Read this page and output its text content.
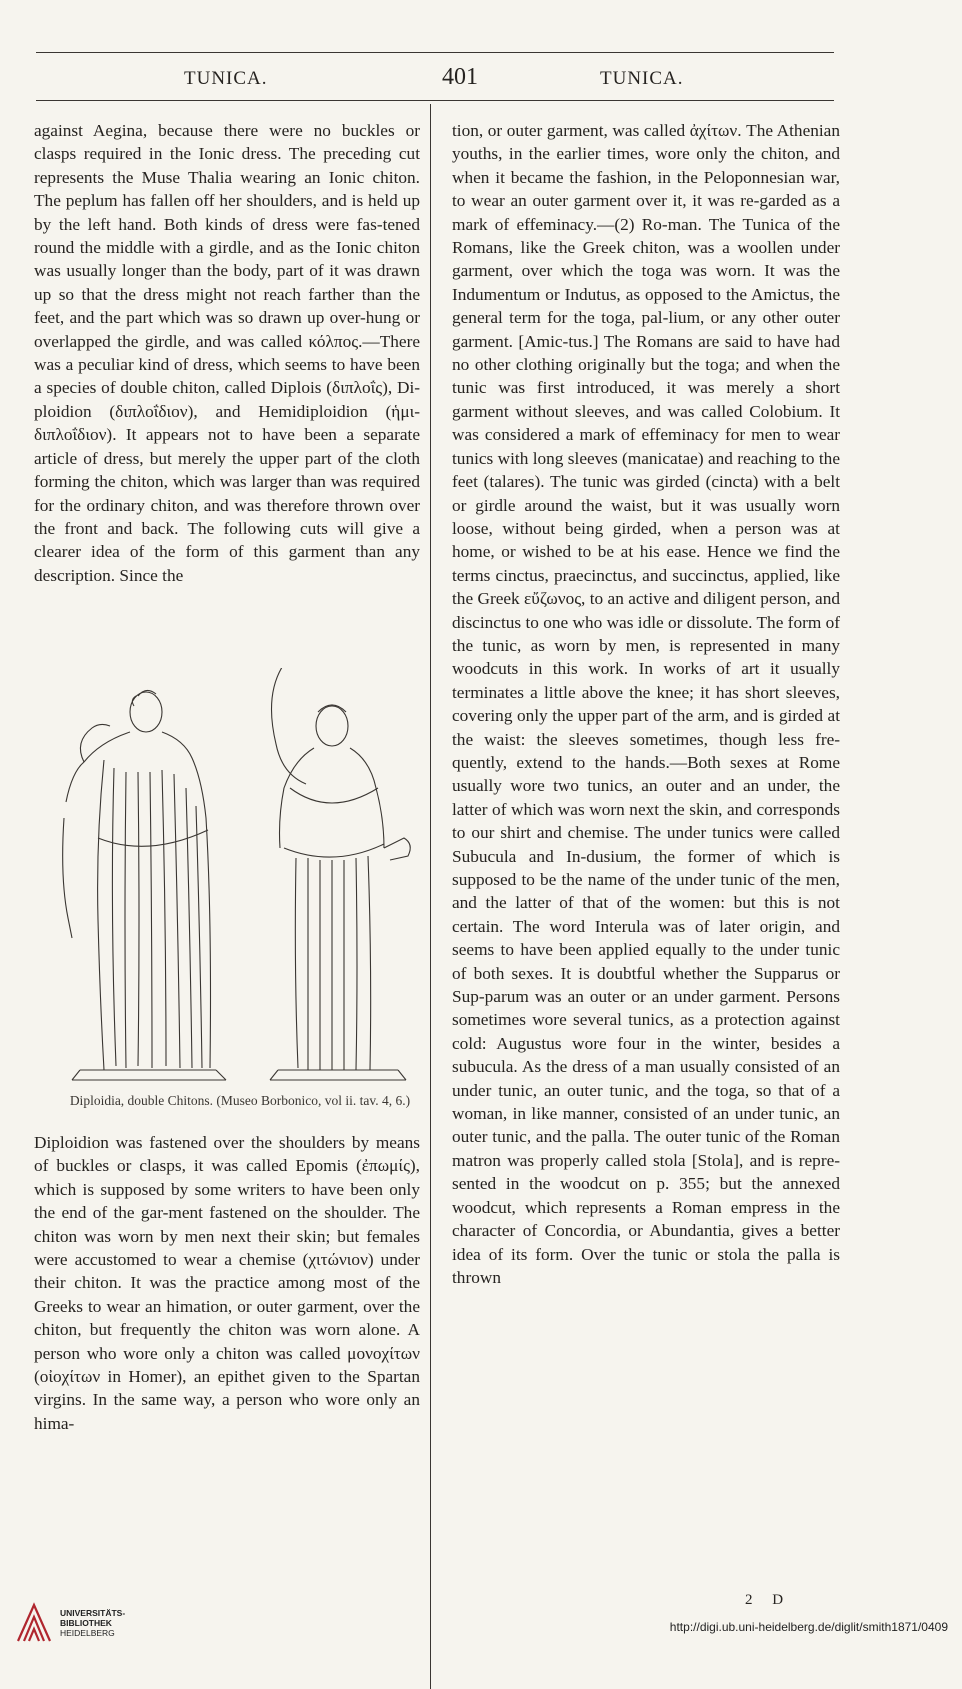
TUNICA.	401	TUNICA.

against Aegina, because there were no buckles or clasps required in the Ionic dress. The preceding cut represents the Muse Thalia wearing an Ionic chiton. The peplum has fallen off her shoulders, and is held up by the left hand. Both kinds of dress were fas-tened round the middle with a girdle, and as the Ionic chiton was usually longer than the body, part of it was drawn up so that the dress might not reach farther than the feet, and the part which was so drawn up over-hung or overlapped the girdle, and was called κόλπος.—There was a peculiar kind of dress, which seems to have been a species of double chiton, called Diplois (διπλοΐς), Di-ploidion (διπλοΐδιον), and Hemidiploidion (ἡμι-διπλοΐδιον). It appears not to have been a separate article of dress, but merely the upper part of the cloth forming the chiton, which was larger than was required for the ordinary chiton, and was therefore thrown over the front and back. The following cuts will give a clearer idea of the form of this garment than any description. Since the

Diploidia, double Chitons. (Museo Borbonico, vol ii. tav. 4, 6.)

Diploidion was fastened over the shoulders by means of buckles or clasps, it was called Epomis (ἐπωμίς), which is supposed by some writers to have been only the end of the gar-ment fastened on the shoulder. The chiton was worn by men next their skin; but females were accustomed to wear a chemise (χιτώνιον) under their chiton. It was the practice among most of the Greeks to wear an himation, or outer garment, over the chiton, but frequently the chiton was worn alone. A person who wore only a chiton was called μονοχίτων (οἰοχίτων in Homer), an epithet given to the Spartan virgins. In the same way, a person who wore only an hima-

tion, or outer garment, was called ἀχίτων. The Athenian youths, in the earlier times, wore only the chiton, and when it became the fashion, in the Peloponnesian war, to wear an outer garment over it, it was re-garded as a mark of effeminacy.—(2) Ro-man. The Tunica of the Romans, like the Greek chiton, was a woollen under garment, over which the toga was worn. It was the Indumentum or Indutus, as opposed to the Amictus, the general term for the toga, pal-lium, or any other outer garment. [Amic-tus.] The Romans are said to have had no other clothing originally but the toga; and when the tunic was first introduced, it was merely a short garment without sleeves, and was called Colobium. It was considered a mark of effeminacy for men to wear tunics with long sleeves (manicatae) and reaching to the feet (talares). The tunic was girded (cincta) with a belt or girdle around the waist, but it was usually worn loose, without being girded, when a person was at home, or wished to be at his ease. Hence we find the terms cinctus, praecinctus, and succinctus, applied, like the Greek εὔζωνος, to an active and diligent person, and discinctus to one who was idle or dissolute. The form of the tunic, as worn by men, is represented in many woodcuts in this work. In works of art it usually terminates a little above the knee; it has short sleeves, covering only the upper part of the arm, and is girded at the waist: the sleeves sometimes, though less fre-quently, extend to the hands.—Both sexes at Rome usually wore two tunics, an outer and an under, the latter of which was worn next the skin, and corresponds to our shirt and chemise. The under tunics were called Subucula and In-dusium, the former of which is supposed to be the name of the under tunic of the men, and the latter of that of the women: but this is not certain. The word Interula was of later origin, and seems to have been applied equally to the under tunic of both sexes. It is doubtful whether the Supparus or Sup-parum was an outer or an under garment. Persons sometimes wore several tunics, as a protection against cold: Augustus wore four in the winter, besides a subucula. As the dress of a man usually consisted of an under tunic, an outer tunic, and the toga, so that of a woman, in like manner, consisted of an under tunic, an outer tunic, and the palla. The outer tunic of the Roman matron was properly called stola [Stola], and is repre-sented in the woodcut on p. 355; but the annexed woodcut, which represents a Roman empress in the character of Concordia, or Abundantia, gives a better idea of its form. Over the tunic or stola the palla is thrown

2 D
UNIVERSITÄTS-
BIBLIOTHEK
HEIDELBERG	http://digi.ub.uni-heidelberg.de/diglit/smith1871/0409
